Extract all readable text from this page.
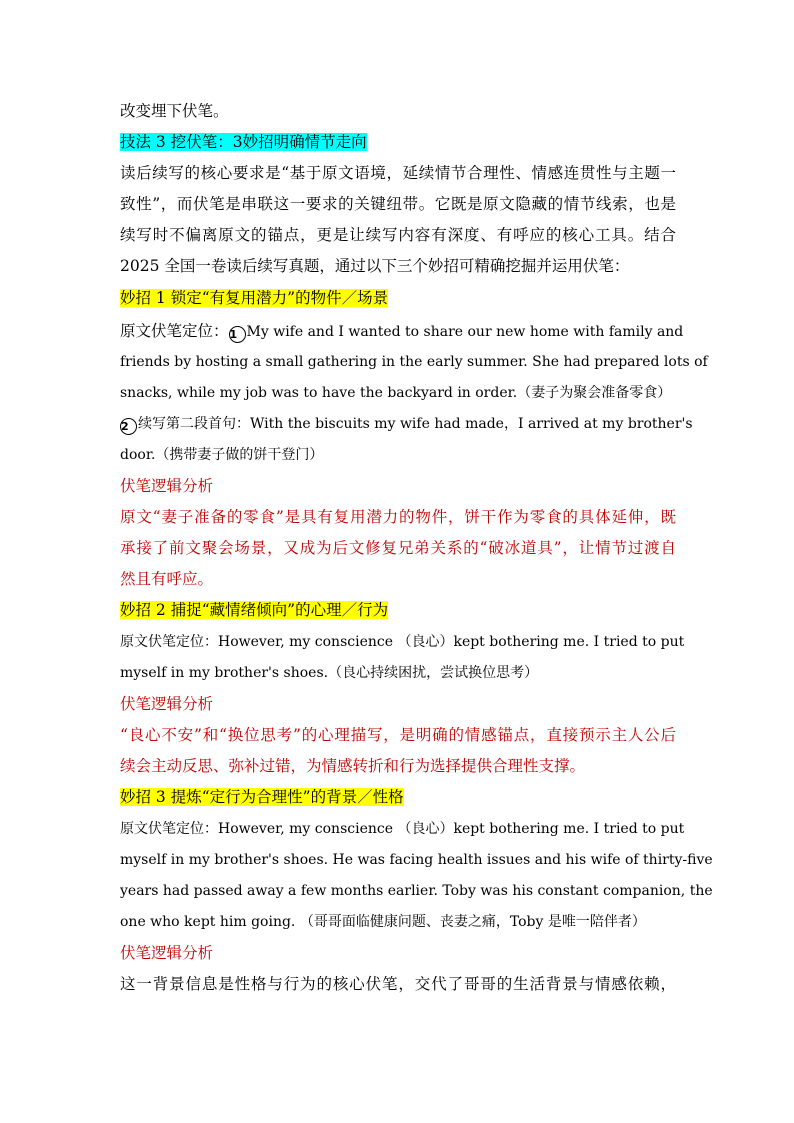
改变埋下伏笔。
技法 3 挖伏笔：3妙招明确情节走向
读后续写的核心要求是“基于原文语境，延续情节合理性、情感连贯性与主题一
致性”，而伏笔是串联这一要求的关键纽带。它既是原文隐藏的情节线索，也是
续写时不偏离原文的锚点，更是让续写内容有深度、有呼应的核心工具。结合
2025 全国一卷读后续写真题，通过以下三个妙招可精确挖掘并运用伏笔：
妙招 1 锁定“有复用潜力”的物件／场景
原文伏笔定位：1 My wife and I wanted to share our new home with family and
friends by hosting a small gathering in the early summer. She had prepared lots of
snacks, while my job was to have the backyard in order.（妻子为聚会准备零食）
2 续写第二段首句：With the biscuits my wife had made，I arrived at my brother's
door.（携带妻子做的饼干登门）
伏笔逻辑分析
原文“妻子准备的零食”是具有复用潜力的物件，饼干作为零食的具体延伸，既
承接了前文聚会场景，又成为后文修复兄弟关系的“破冰道具”，让情节过渡自
然且有呼应。
妙招 2 捕捉“藏情绪倾向”的心理／行为
原文伏笔定位：However, my conscience （良心）kept bothering me. I tried to put
myself in my brother's shoes.（良心持续困扰，尝试换位思考）
伏笔逻辑分析
“良心不安”和“换位思考”的心理描写，是明确的情感锚点，直接预示主人公后
续会主动反思、弥补过错，为情感转折和行为选择提供合理性支撑。
妙招 3 提炼“定行为合理性”的背景／性格
原文伏笔定位：However, my conscience （良心）kept bothering me. I tried to put
myself in my brother's shoes. He was facing health issues and his wife of thirty-five
years had passed away a few months earlier. Toby was his constant companion, the
one who kept him going. （哥哥面临健康问题、丧妻之痛，Toby 是唯一陪伴者）
伏笔逻辑分析
这一背景信息是性格与行为的核心伏笔，交代了哥哥的生活背景与情感依赖，
